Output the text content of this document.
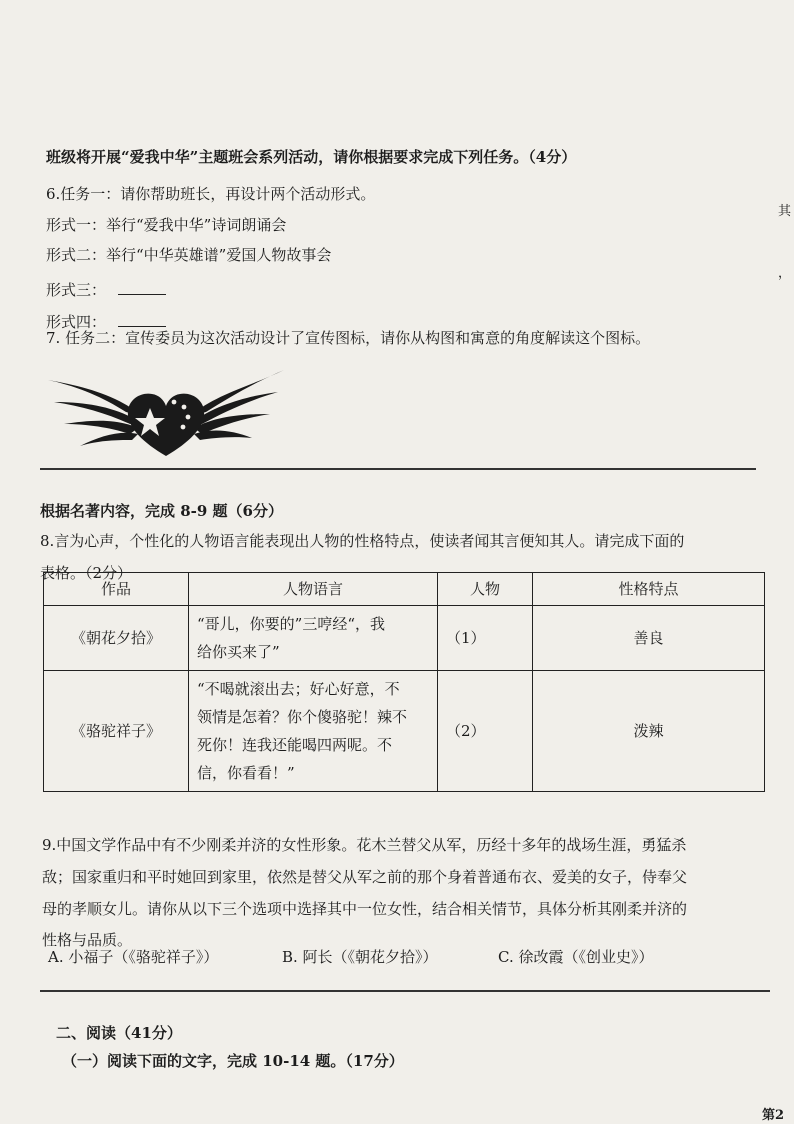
班级将开展“爱我中华”主题班会系列活动，请你根据要求完成下列任务。（4分）
6.任务一：请你帮助班长，再设计两个活动形式。
形式一：举行“爱我中华”诗词朗诵会
形式二：举行“中华英雄谱”爱国人物故事会
形式三：
形式四：
7. 任务二：宣传委员为这次活动设计了宣传图标，请你从构图和寓意的角度解读这个图标。
根据名著内容，完成 8-9 题（6分）
8.言为心声，个性化的人物语言能表现出人物的性格特点，使读者闻其言便知其人。请完成下面的
表格。（2分）
作品	人物语言	人物	性格特点
《朝花夕拾》	“哥儿，你要的”三哼经“，我
给你买来了”	（1）	善良
《骆驼祥子》	“不喝就滚出去；好心好意，不
领情是怎着？你个傻骆驼！辣不
死你！连我还能喝四两呢。不
信，你看看！”	（2）	泼辣
9.中国文学作品中有不少刚柔并济的女性形象。花木兰替父从军，历经十多年的战场生涯，勇猛杀
敌；国家重归和平时她回到家里，依然是替父从军之前的那个身着普通布衣、爱美的女子，侍奉父
母的孝顺女儿。请你从以下三个选项中选择其中一位女性，结合相关情节，具体分析其刚柔并济的
性格与品质。
A. 小福子（《骆驼祥子》）	B. 阿长（《朝花夕拾》）	C. 徐改霞（《创业史》）
二、阅读（41分）
（一）阅读下面的文字，完成 10-14 题。（17分）
其
，
第2
